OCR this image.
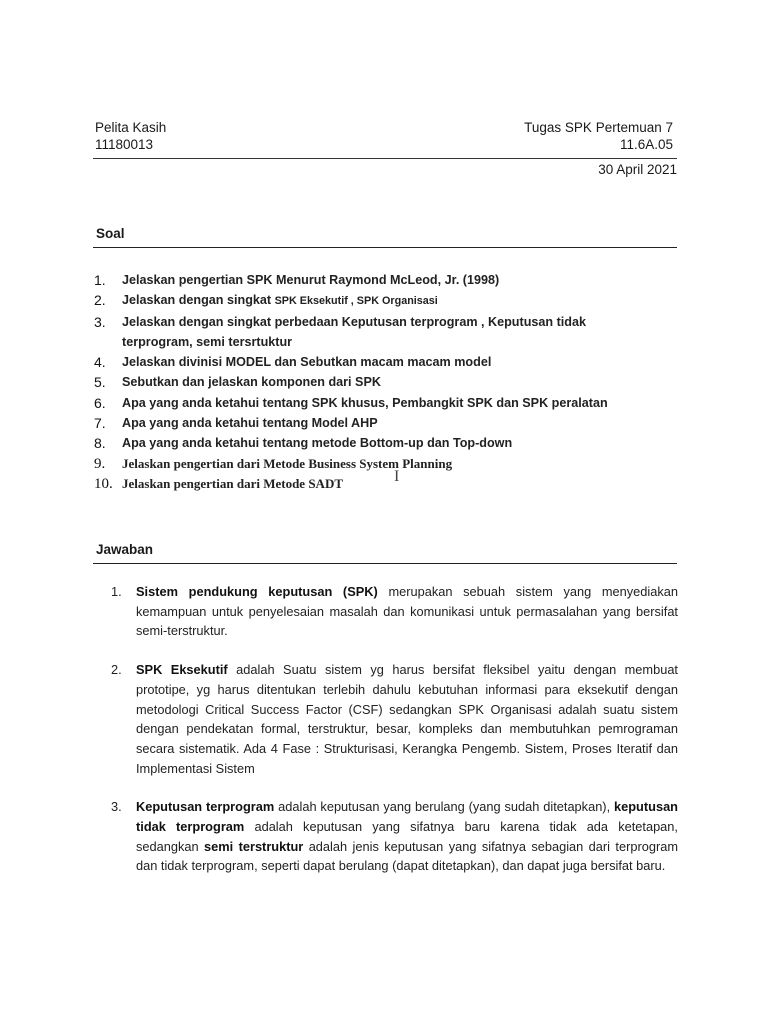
Pelita Kasih
11180013
Tugas SPK Pertemuan 7
11.6A.05
30 April 2021
Soal
1. Jelaskan pengertian SPK Menurut Raymond McLeod, Jr. (1998)
2. Jelaskan dengan singkat SPK Eksekutif , SPK Organisasi
3. Jelaskan dengan singkat perbedaan Keputusan terprogram , Keputusan tidak terprogram, semi tersrtuktur
4. Jelaskan divinisi MODEL dan Sebutkan macam macam model
5. Sebutkan dan jelaskan komponen dari SPK
6. Apa yang anda ketahui tentang SPK khusus, Pembangkit SPK dan SPK peralatan
7. Apa yang anda ketahui tentang Model AHP
8. Apa yang anda ketahui tentang metode Bottom-up dan Top-down
9. Jelaskan pengertian dari Metode Business System Planning
10. Jelaskan pengertian dari Metode SADT	I
Jawaban
1. Sistem pendukung keputusan (SPK) merupakan sebuah sistem yang menyediakan kemampuan untuk penyelesaian masalah dan komunikasi untuk permasalahan yang bersifat semi-terstruktur.
2. SPK Eksekutif adalah Suatu sistem yg harus bersifat fleksibel yaitu dengan membuat prototipe, yg harus ditentukan terlebih dahulu kebutuhan informasi para eksekutif dengan metodologi Critical Success Factor (CSF) sedangkan SPK Organisasi adalah suatu sistem dengan pendekatan formal, terstruktur, besar, kompleks dan membutuhkan pemrograman secara sistematik. Ada 4 Fase : Strukturisasi, Kerangka Pengemb. Sistem, Proses Iteratif dan Implementasi Sistem
3. Keputusan terprogram adalah keputusan yang berulang (yang sudah ditetapkan), keputusan tidak terprogram adalah keputusan yang sifatnya baru karena tidak ada ketetapan, sedangkan semi terstruktur adalah jenis keputusan yang sifatnya sebagian dari terprogram dan tidak terprogram, seperti dapat berulang (dapat ditetapkan), dan dapat juga bersifat baru.
